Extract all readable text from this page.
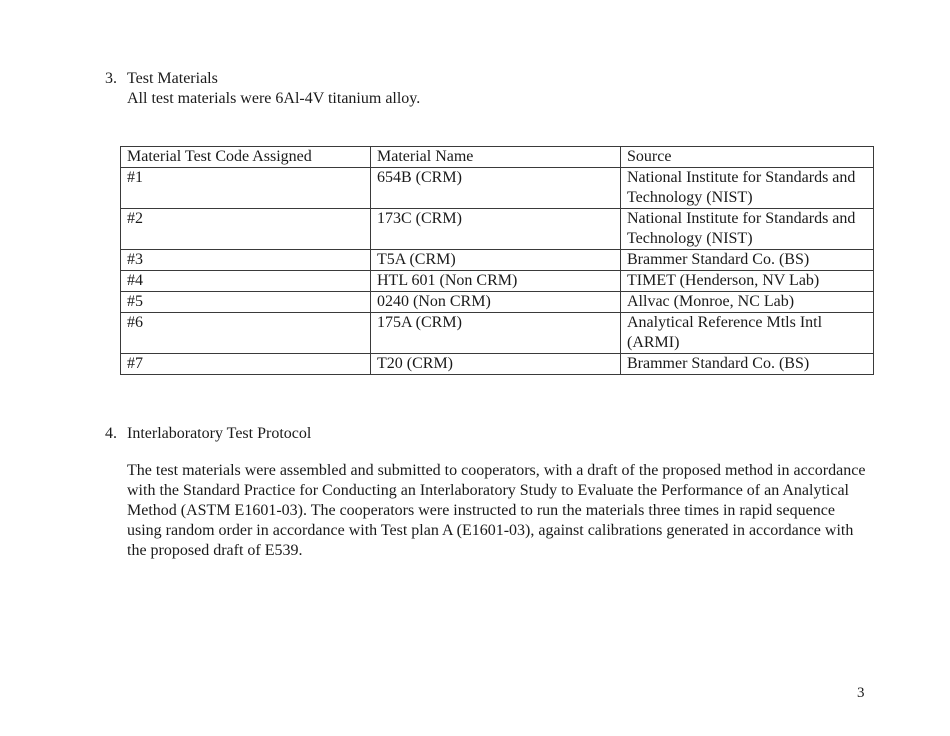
3. Test Materials
All test materials were 6Al-4V titanium alloy.
Material Test Code Assigned	Material Name	Source
#1	654B (CRM)	National Institute for Standards and Technology (NIST)
#2	173C (CRM)	National Institute for Standards and Technology (NIST)
#3	T5A (CRM)	Brammer Standard Co. (BS)
#4	HTL 601 (Non CRM)	TIMET (Henderson, NV Lab)
#5	0240 (Non CRM)	Allvac (Monroe, NC Lab)
#6	175A (CRM)	Analytical Reference Mtls Intl (ARMI)
#7	T20 (CRM)	Brammer Standard Co. (BS)
4. Interlaboratory Test Protocol
The test materials were assembled and submitted to cooperators, with a draft of the proposed method in accordance with the Standard Practice for Conducting an Interlaboratory Study to Evaluate the Performance of an Analytical Method (ASTM E1601-03). The cooperators were instructed to run the materials three times in rapid sequence using random order in accordance with Test plan A (E1601-03), against calibrations generated in accordance with the proposed draft of E539.
3
